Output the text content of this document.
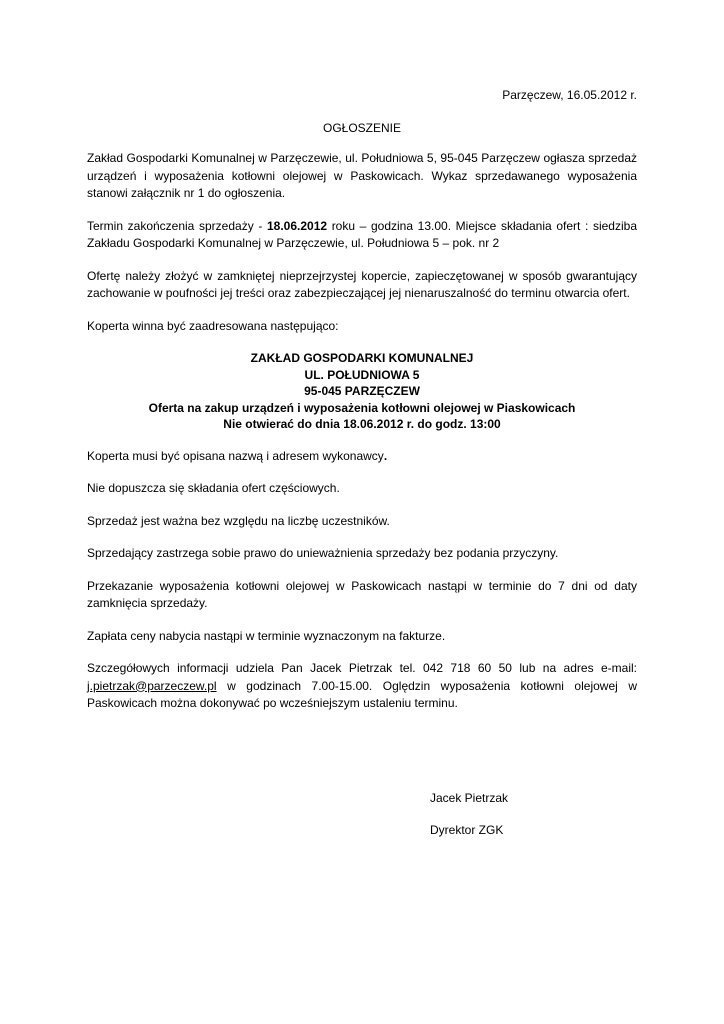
Parzęczew, 16.05.2012 r.
OGŁOSZENIE

Zakład Gospodarki Komunalnej w Parzęczewie, ul. Południowa 5, 95-045 Parzęczew ogłasza sprzedaż urządzeń i wyposażenia kotłowni olejowej w Paskowicach. Wykaz sprzedawanego wyposażenia stanowi załącznik nr 1 do ogłoszenia.

Termin zakończenia sprzedaży - 18.06.2012 roku – godzina 13.00. Miejsce składania ofert : siedziba Zakładu Gospodarki Komunalnej w Parzęczewie, ul. Południowa 5 – pok. nr 2

Ofertę należy złożyć w zamkniętej nieprzejrzystej kopercie, zapieczętowanej w sposób gwarantujący zachowanie w poufności jej treści oraz zabezpieczającej jej nienaruszalność do terminu otwarcia ofert.

Koperta winna być zaadresowana następująco:

ZAKŁAD GOSPODARKI KOMUNALNEJ
UL. POŁUDNIOWA 5
95-045 PARZĘCZEW
Oferta na zakup urządzeń i wyposażenia kotłowni olejowej w Piaskowicach
Nie otwierać do dnia 18.06.2012 r. do godz. 13:00

Koperta musi być opisana nazwą i adresem wykonawcy.

Nie dopuszcza się składania ofert częściowych.

Sprzedaż jest ważna bez względu na liczbę uczestników.

Sprzedający zastrzega sobie prawo do unieważnienia sprzedaży bez podania przyczyny.

Przekazanie wyposażenia kotłowni olejowej w Paskowicach nastąpi w terminie do 7 dni od daty zamknięcia sprzedaży.

Zapłata ceny nabycia nastąpi w terminie wyznaczonym na fakturze.

Szczegółowych informacji udziela Pan Jacek Pietrzak tel. 042 718 60 50 lub na adres e-mail: j.pietrzak@parzeczew.pl w godzinach 7.00-15.00. Oględzin wyposażenia kotłowni olejowej w Paskowicach można dokonywać po wcześniejszym ustaleniu terminu.

Jacek Pietrzak
Dyrektor ZGK
